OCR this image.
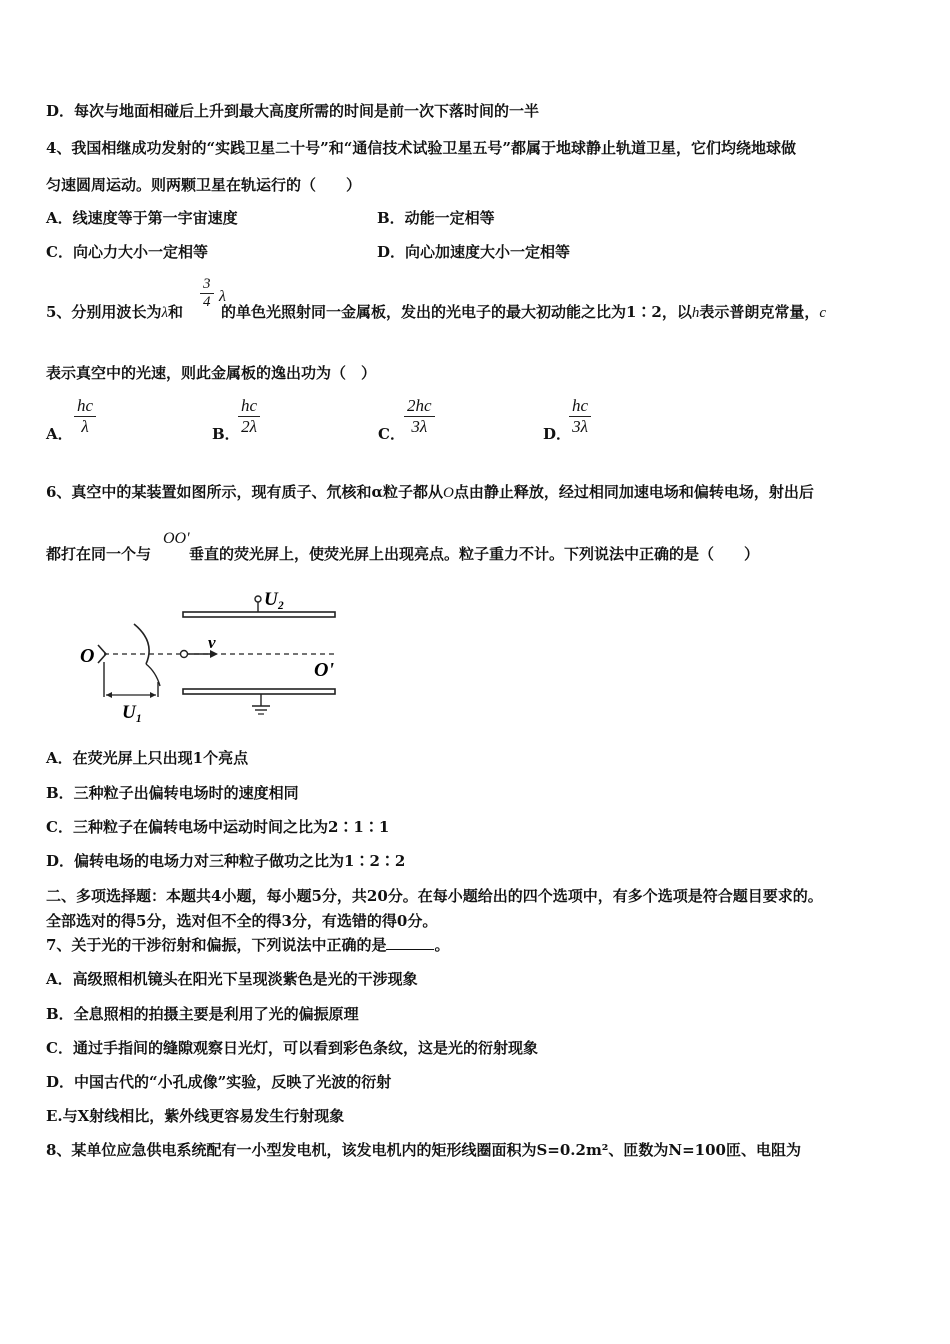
D．每次与地面相碰后上升到最大高度所需的时间是前一次下落时间的一半
4、我国相继成功发射的“实践卫星二十号”和“通信技术试验卫星五号”都属于地球静止轨道卫星，它们均绕地球做
匀速圆周运动。则两颗卫星在轨运行的（　　）
A．线速度等于第一宇宙速度	B．动能一定相等
C．向心力大小一定相等	D．向心加速度大小一定相等
5、分别用波长为λ和	的单色光照射同一金属板，发出的光电子的最大初动能之比为1∶2，以h表示普朗克常量，c
3
4 λ
表示真空中的光速，则此金属板的逸出功为（　）
A．
hc
λ	B．
hc
2λ	C．
2hc
3λ	D．
hc
3λ
6、真空中的某装置如图所示，现有质子、氘核和α粒子都从O点由静止释放，经过相同加速电场和偏转电场，射出后
都打在同一个与	垂直的荧光屏上，使荧光屏上出现亮点。粒子重力不计。下列说法中正确的是（　　）
OO'
U₂
O
U₁
v
O'
A．在荧光屏上只出现1个亮点
B．三种粒子出偏转电场时的速度相同
C．三种粒子在偏转电场中运动时间之比为2∶1∶1
D．偏转电场的电场力对三种粒子做功之比为1∶2∶2
二、多项选择题：本题共4小题，每小题5分，共20分。在每小题给出的四个选项中，有多个选项是符合题目要求的。
全部选对的得5分，选对但不全的得3分，有选错的得0分。
7、关于光的干涉衍射和偏振，下列说法中正确的是	。
A．高级照相机镜头在阳光下呈现淡紫色是光的干涉现象
B．全息照相的拍摄主要是利用了光的偏振原理
C．通过手指间的缝隙观察日光灯，可以看到彩色条纹，这是光的衍射现象
D．中国古代的“小孔成像”实验，反映了光波的衍射
E.与X射线相比，紫外线更容易发生行射现象
8、某单位应急供电系统配有一小型发电机，该发电机内的矩形线圈面积为S=0.2m²、匝数为N=100匝、电阻为
